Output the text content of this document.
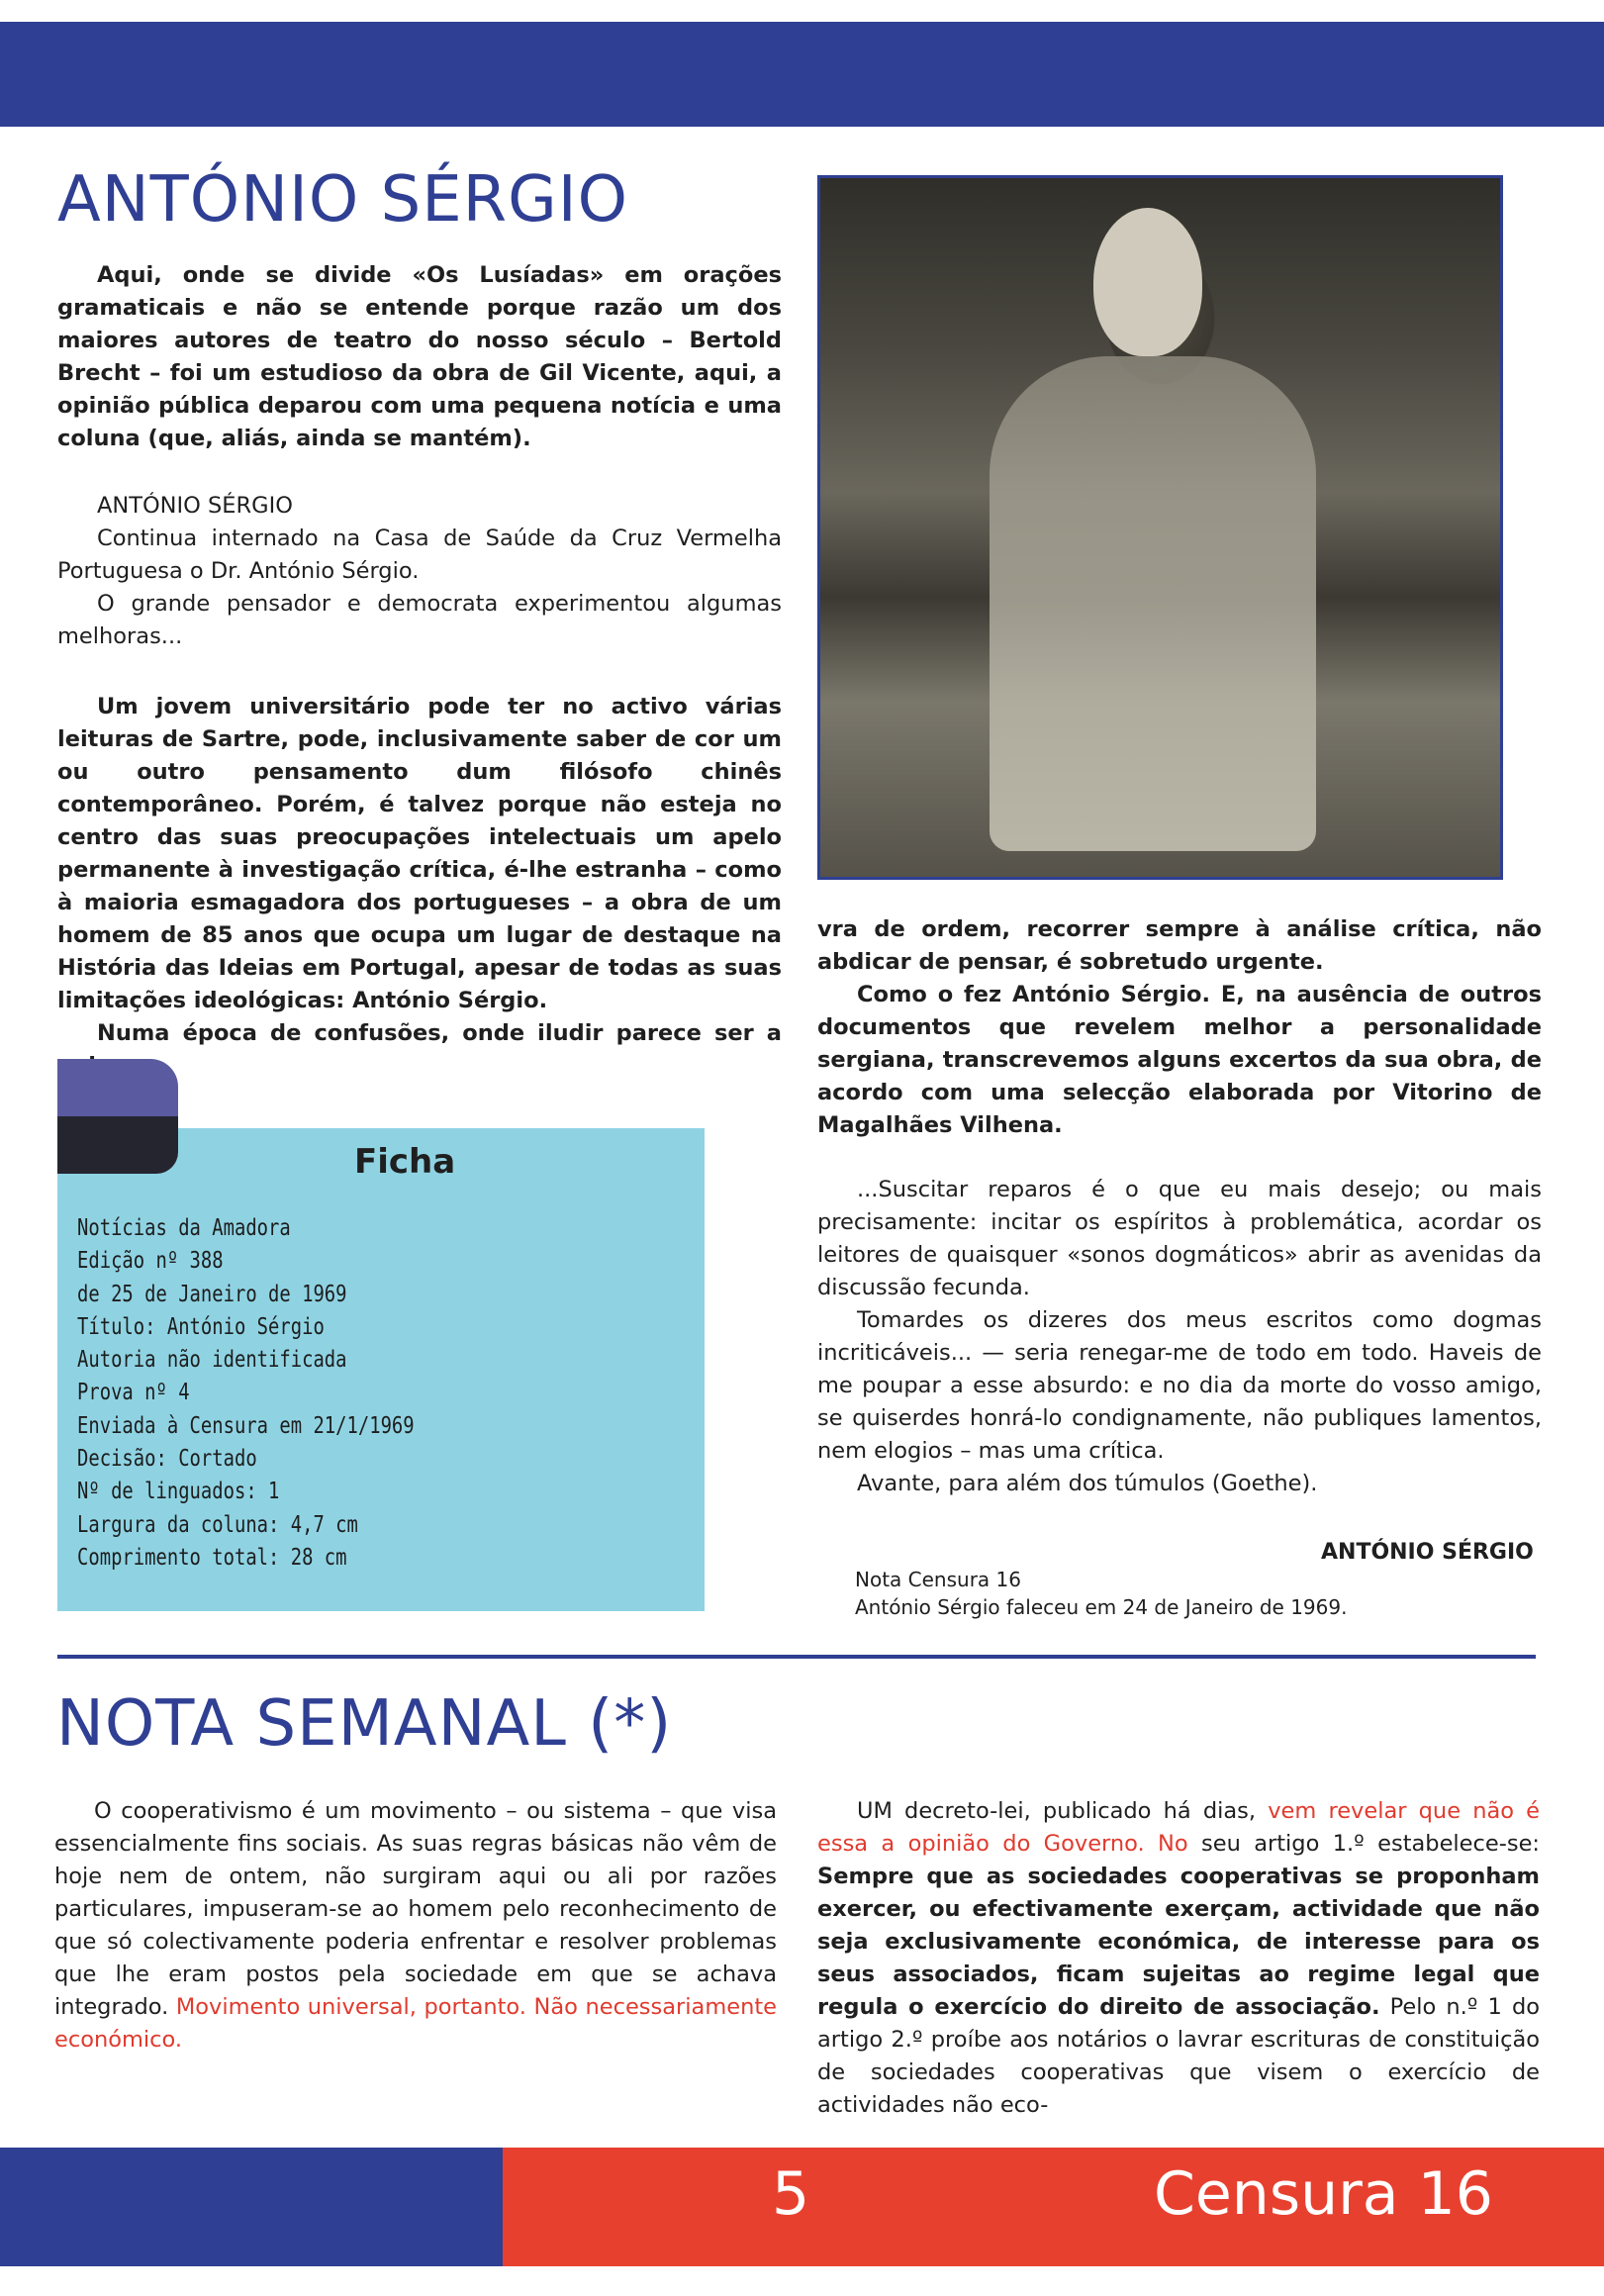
ANTÓNIO SÉRGIO

Aqui, onde se divide «Os Lusíadas» em orações gramaticais e não se entende porque razão um dos maiores autores de teatro do nosso século – Bertold Brecht – foi um estudioso da obra de Gil Vicente, aqui, a opinião pública deparou com uma pequena notícia e uma coluna (que, aliás, ainda se mantém).

ANTÓNIO SÉRGIO

Continua internado na Casa de Saúde da Cruz Vermelha Portuguesa o Dr. António Sérgio.

O grande pensador e democrata experimentou algumas melhoras...

Um jovem universitário pode ter no activo várias leituras de Sartre, pode, inclusivamente saber de cor um ou outro pensamento dum filósofo chinês contemporâneo. Porém, é talvez porque não esteja no centro das suas preocupações intelectuais um apelo permanente à investigação crítica, é-lhe estranha – como à maioria esmagadora dos portugueses – a obra de um homem de 85 anos que ocupa um lugar de destaque na História das Ideias em Portugal, apesar de todas as suas limitações ideológicas: António Sérgio.

Numa época de confusões, onde iludir parece ser a

vra de ordem, recorrer sempre à análise crítica, não abdicar de pensar, é sobretudo urgente.

Como o fez António Sérgio. E, na ausência de outros documentos que revelem melhor a personalidade sergiana, transcrevemos alguns excertos da sua obra, de acordo com uma selecção elaborada por Vitorino de Magalhães Vilhena.

...Suscitar reparos é o que eu mais desejo; ou mais precisamente: incitar os espíritos à problemática, acordar os leitores de quaisquer «sonos dogmáticos» abrir as avenidas da discussão fecunda.

Tomardes os dizeres dos meus escritos como dogmas incriticáveis... — seria renegar-me de todo em todo. Haveis de me poupar a esse absurdo: e no dia da morte do vosso amigo, se quiserdes honrá-lo condignamente, não publiques lamentos, nem elogios – mas uma crítica.

Avante, para além dos túmulos (Goethe).

ANTÓNIO SÉRGIO
Nota Censura 16
António Sérgio faleceu em 24 de Janeiro de 1969.
Ficha
Notícias da Amadora
Edição nº 388
de 25 de Janeiro de 1969
Título: António Sérgio
Autoria não identificada
Prova nº 4
Enviada à Censura em 21/1/1969
Decisão: Cortado
Nº de linguados: 1
Largura da coluna: 4,7 cm
Comprimento total: 28 cm
NOTA SEMANAL (*)

O cooperativismo é um movimento – ou sistema – que visa essencialmente fins sociais. As suas regras básicas não vêm de hoje nem de ontem, não surgiram aqui ou ali por razões particulares, impuseram-se ao homem pelo reconhecimento de que só colectivamente poderia enfrentar e resolver problemas que lhe eram postos pela sociedade em que se achava integrado. Movimento universal, portanto. Não necessariamente económico.

UM decreto-lei, publicado há dias, vem revelar que não é essa a opinião do Governo. No seu artigo 1.º estabelece-se: Sempre que as sociedades cooperativas se proponham exercer, ou efectivamente exerçam, actividade que não seja exclusivamente económica, de interesse para os seus associados, ficam sujeitas ao regime legal que regula o exercício do direito de associação. Pelo n.º 1 do artigo 2.º proíbe aos notários o lavrar escrituras de constituição de sociedades cooperativas que visem o exercício de actividades não eco-

5	Censura 16
